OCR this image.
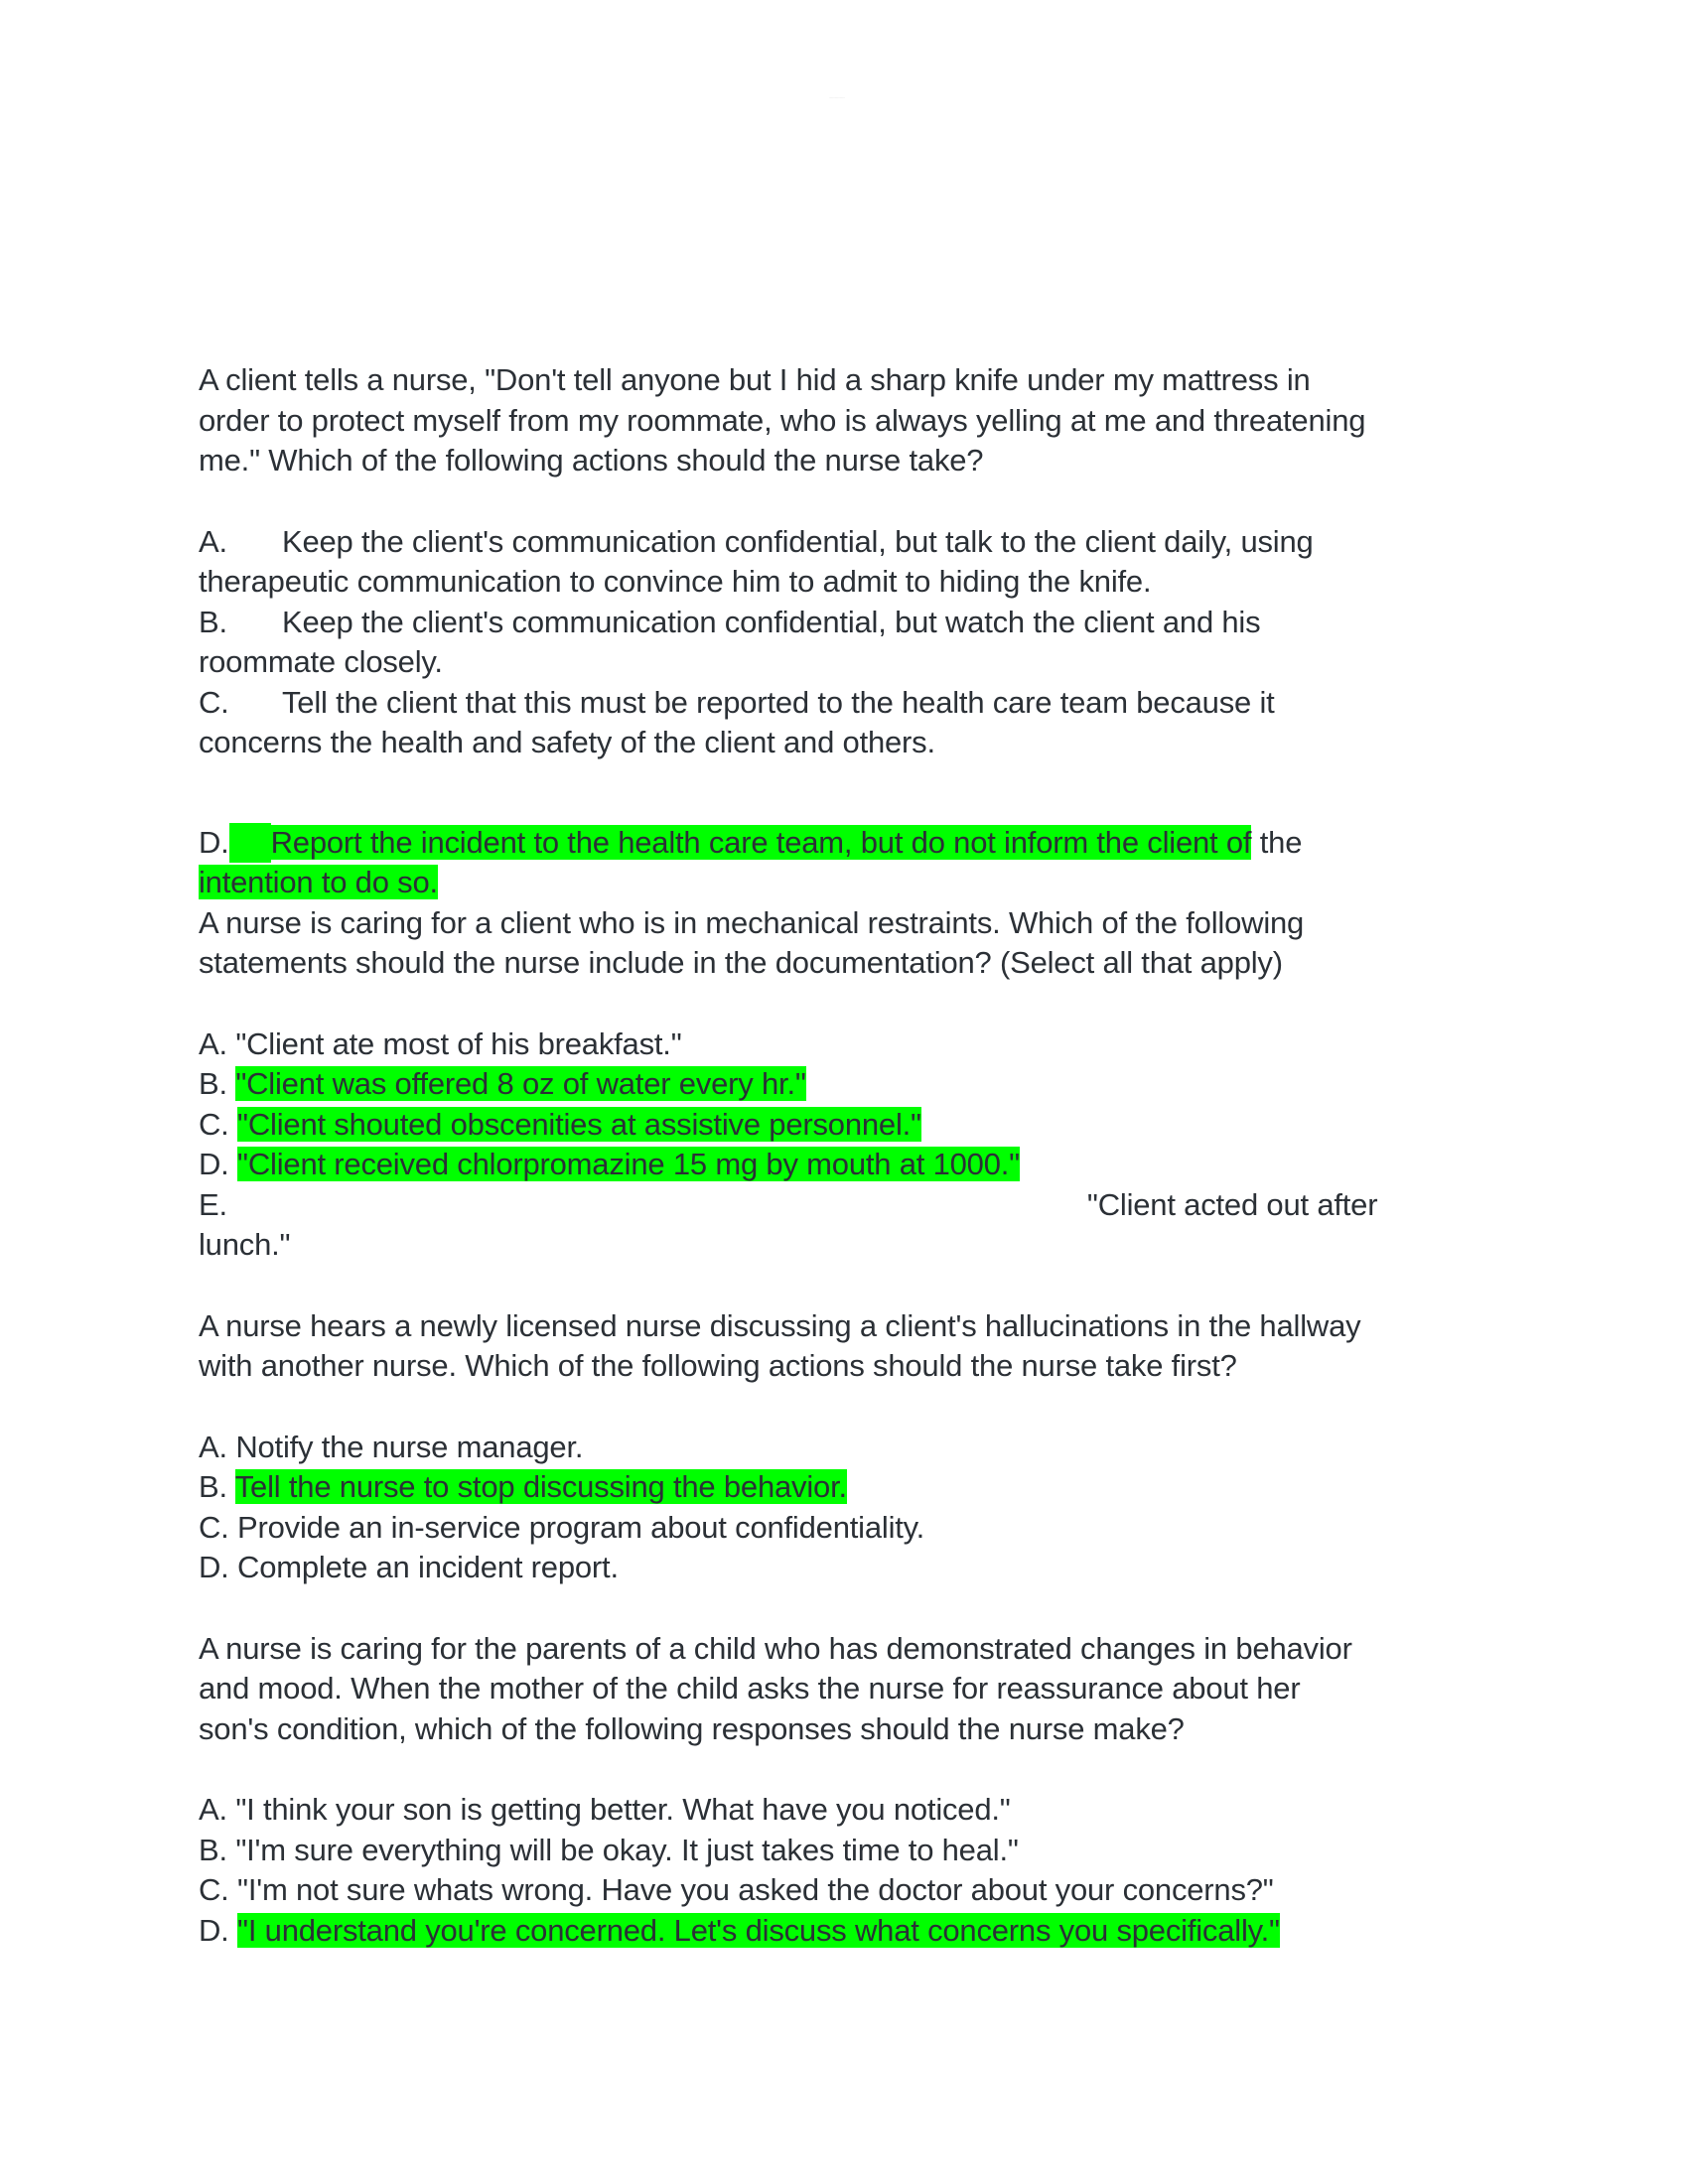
...................
A client tells a nurse, "Don't tell anyone but I hid a sharp knife under my mattress in
order to protect myself from my roommate, who is always yelling at me and threatening
me." Which of the following actions should the nurse take?
A. Keep the client's communication confidential, but talk to the client daily, using
therapeutic communication to convince him to admit to hiding the knife.
B. Keep the client's communication confidential, but watch the client and his
roommate closely.
C. Tell the client that this must be reported to the health care team because it
concerns the health and safety of the client and others.
D. Report the incident to the health care team, but do not inform the client of the
intention to do so.
A nurse is caring for a client who is in mechanical restraints. Which of the following
statements should the nurse include in the documentation? (Select all that apply)
A. "Client ate most of his breakfast."
B. "Client was offered 8 oz of water every hr."
C. "Client shouted obscenities at assistive personnel."
D. "Client received chlorpromazine 15 mg by mouth at 1000."
E.	"Client acted out after
lunch."
A nurse hears a newly licensed nurse discussing a client's hallucinations in the hallway
with another nurse. Which of the following actions should the nurse take first?
A. Notify the nurse manager.
B. Tell the nurse to stop discussing the behavior.
C. Provide an in-service program about confidentiality.
D. Complete an incident report.
A nurse is caring for the parents of a child who has demonstrated changes in behavior
and mood. When the mother of the child asks the nurse for reassurance about her
son's condition, which of the following responses should the nurse make?
A. "I think your son is getting better. What have you noticed."
B. "I'm sure everything will be okay. It just takes time to heal."
C. "I'm not sure whats wrong. Have you asked the doctor about your concerns?"
D. "I understand you're concerned. Let's discuss what concerns you specifically."
